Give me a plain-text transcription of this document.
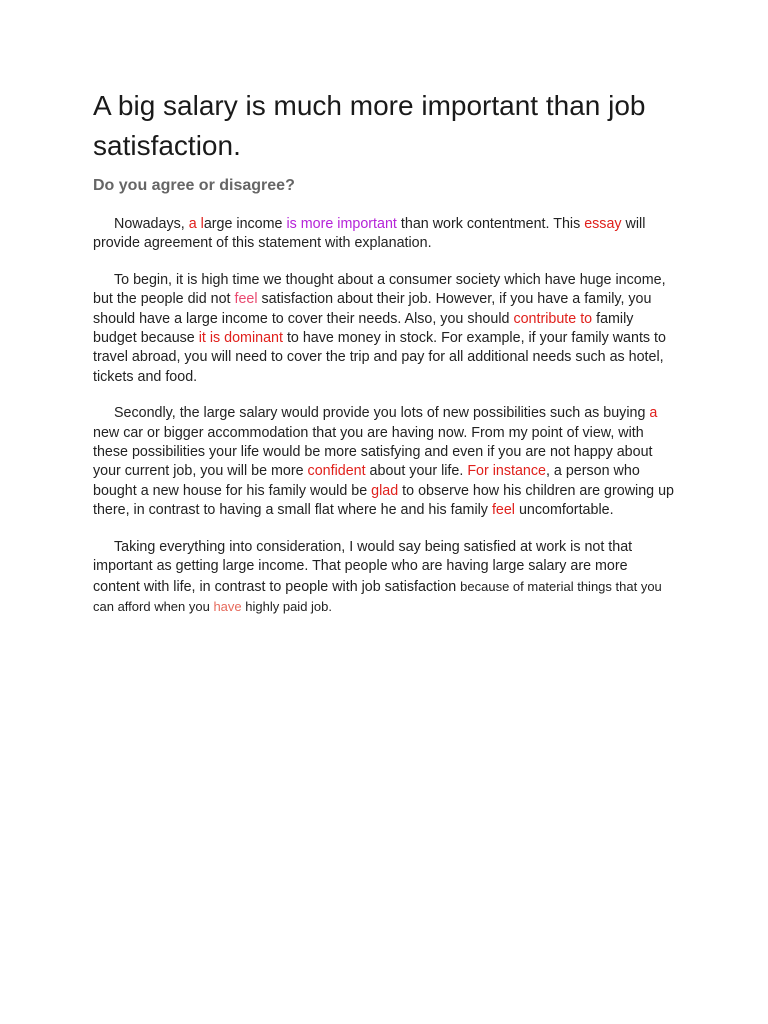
A big salary is much more important than job satisfaction.
Do you agree or disagree?

Nowadays, a large income is more important than work contentment. This essay will provide agreement of this statement with explanation.

To begin, it is high time we thought about a consumer society which have huge income, but the people did not feel satisfaction about their job. However, if you have a family, you should have a large income to cover their needs. Also, you should contribute to family budget because it is dominant to have money in stock. For example, if your family wants to travel abroad, you will need to cover the trip and pay for all additional needs such as hotel, tickets and food.

Secondly, the large salary would provide you lots of new possibilities such as buying a new car or bigger accommodation that you are having now. From my point of view, with these possibilities your life would be more satisfying and even if you are not happy about your current job, you will be more confident about your life. For instance, a person who bought a new house for his family would be glad to observe how his children are growing up there, in contrast to having a small flat where he and his family feel uncomfortable.

Taking everything into consideration, I would say being satisfied at work is not that important as getting large income. That people who are having large salary are more content with life, in contrast to people with job satisfaction because of material things that you can afford when you have highly paid job.
